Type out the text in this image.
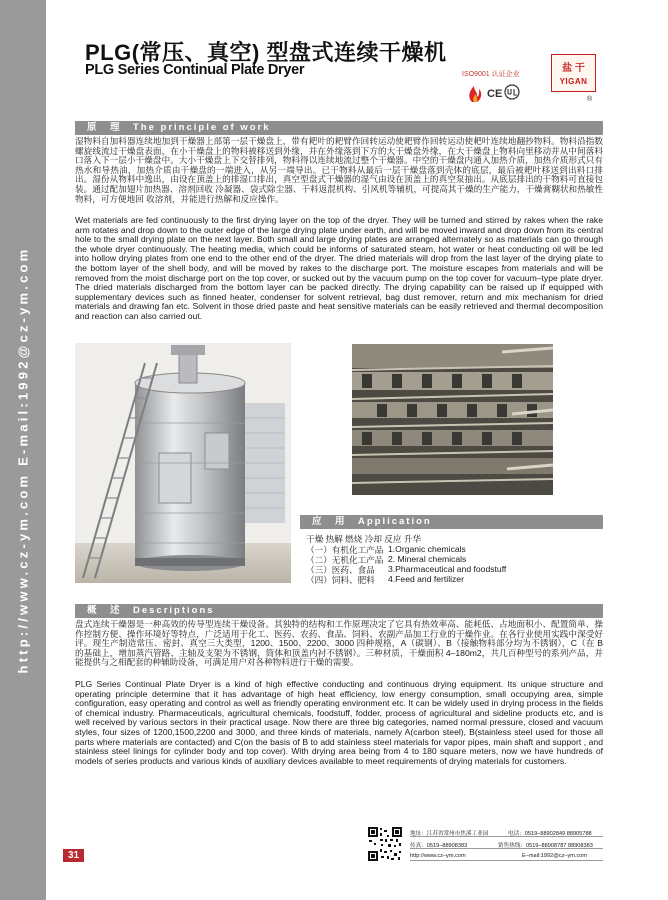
http://www.cz-ym.com E-mail:1992@cz-ym.com
PLG(常压、真空) 型盘式连续干燥机
PLG Series Continual Plate Dryer	ISO9001 认证企业
盐 干
YIGAN
®
CE
原　理　The principle of work
湿物料自加料器连续地加到干燥器上部第一层干燥盘上，带有耙叶的耙臂作回转运动使耙臂作回转运动使耙叶连续地翻抄物料。物料沿指数螺旋线流过干燥盘表面，在小干燥盘上的物料被移送到外缘，并在外缘落到下方的大干燥盘外缘，在大干燥盘上物料向里移动并从中间落料口落入下一层小干燥盘中。大小干燥盘上下交替排列，物料得以连续地流过整个干燥器。中空的干燥盘内通入加热介质，加热介质形式只有热水和导热油，加热介质由干燥盘的一端进入，从另一端导出。已干物料从最后一层干燥盘落到壳体的底层，最后被耙叶移送到出料口排出。湿份从物料中逸出，由设在顶盖上的排湿口排出，真空型盘式干燥器的湿气由设在顶盖上的真空泵抽出。从底层排出的干物料可直接包装。通过配加翅片加热器、溶剂回收 冷凝器、袋式除尘器、干料返混机构、引风机等辅机，可提高其干燥的生产能力，干燥膏糊状和热敏性物料，可方便地回 收溶剂，并能进行热解和反应操作。
Wet materials are fed continuously to the first drying layer on the top of the dryer. They will be turned and stirred by rakes when the rake arm rotates and drop down to the outer edge of the large drying plate under earth, and will be moved inward and drop down from its central hole to the small drying plate on the next layer. Both small and large drying plates are arranged alternately so as materials can go through the whole dryer continuously. The heating media, which could be informs of saturated steam, hot water or heat conducting oil will be led into hollow drying plates from one end to the other end of the dryer. The dried materials will drop from the last layer of the drying plate to the bottom layer of the shell body, and will be moved by rakes to the discharge port. The moisture escapes from materials and will be removed from the moist discharge port on the top cover, or sucked out by the vacuum pump on the top cover for vacuum–type plate dryer. The dried materials discharged from the bottom layer can be packed directly. The drying capability can be raised up if equipped with supplementary devices such as finned heater, condenser for solvent retrieval, bag dust remover, return and mix mechanism for dried materials and drawing fan etc. Solvent in those dried paste and heat sensitive materials can be easily retrieved and thermal decomposition and reaction can also carried out.
应　用　Application
干燥 热解 燃烧 冷却 反应 升华
（一）有机化工产品 1.Organic chemicals
（二）无机化工产品 2. Mineral chemicals
（三）医药、食品 3.Pharmaceutical and foodstuff
（四）饲料、肥料 4.Feed and fertilizer
概　述　Descriptions
盘式连续干燥器是一种高效的传导型连续干燥设备。其独特的结构和工作原理决定了它具有热效率高、能耗低、占地面积小、配置简单、操作控制方便、操作环境好等特点，广泛适用于化工、医药、农药、食品、饲料、农副产品加工行业的干燥作业。在各行业使用实践中深受好评。现生产制造常压、密封、真空三大类型，1200、1500、2200、3000 四种规格，A（碳钢）、B（接触物料部分均为不锈钢），C（在 B 的基础上，增加蒸汽管路、主轴及支架为不锈钢，筒体和顶盖内衬不锈钢）。三种材质，干燥面积 4–180m2，共几百种型号的系列产品，并能提供与之相配套的种辅助设备，可满足用户对各种物料进行干燥的需要。
PLG Series Continual Plate Dryer is a kind of high effective conducting and continuous drying equipment. Its unique structure and operating principle determine that it has advantage of high heat efficiency, low energy consumption, small occupying area, simple configuration, easy operating and control as well as friendly operating environment etc. It can be widely used in drying process in the fields of chemical industry. Pharmaceuticals, agricultural chemicals, foodstuff, fodder, process of agricultural and sideline products etc, and is well received by various sectors in their practical usage. Now there are three big categories, named normal pressure, closed and vacuum styles, four sizes of 1200,1500,2200 and 3000, and three kinds of materials, namely A(carbon steel), B(stainless steel used for those all parts where materials are contacted) and C(on the basis of B to add stainless steel materials for vapor pipes, main shaft and support , and stainless steel linings for cylinder body and top cover). With drying area being from 4 to 180 square meters, now we have hundreds of models of series products and various kinds of auxiliary devices available to meet requirements of drying materials for customers.
地址：江苏省常州市焦溪工业园	电话：0519–88902849 88905788
传真：0519–88908383	销售热线：0519–88908787 88908383
http://www.cz–ym.com	E–mail:1992@cz–ym.com
31
